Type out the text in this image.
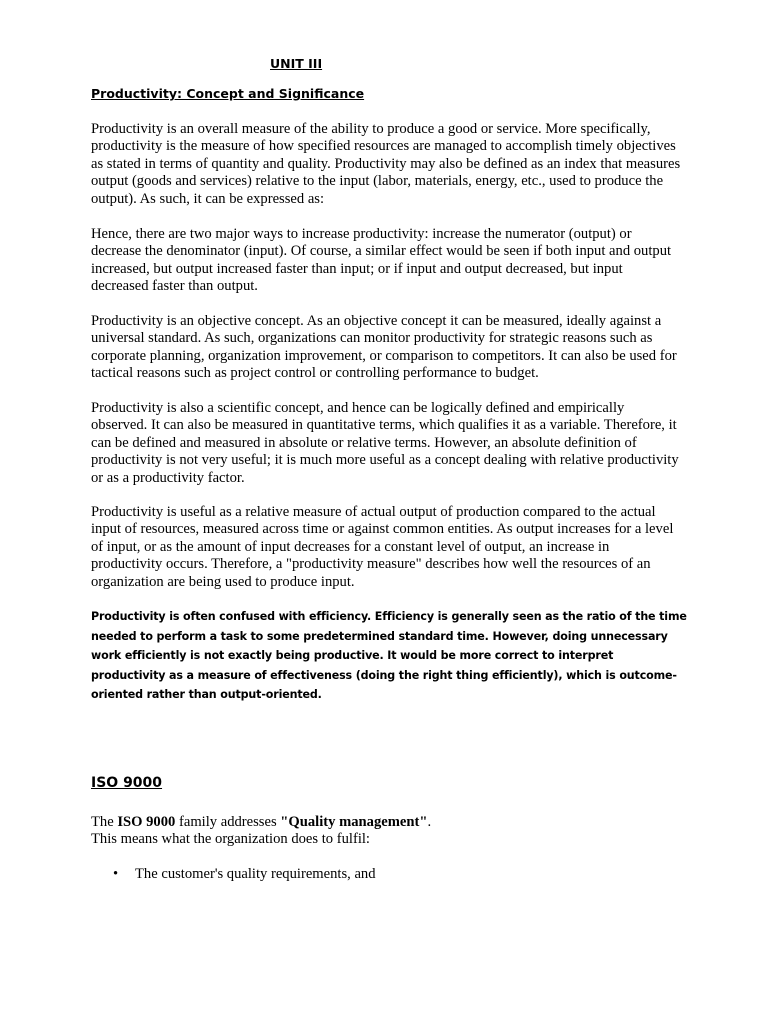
UNIT III

Productivity: Concept and Significance

Productivity is an overall measure of the ability to produce a good or service. More specifically, productivity is the measure of how specified resources are managed to accomplish timely objectives as stated in terms of quantity and quality. Productivity may also be defined as an index that measures output (goods and services) relative to the input (labor, materials, energy, etc., used to produce the output). As such, it can be expressed as:

Hence, there are two major ways to increase productivity: increase the numerator (output) or decrease the denominator (input). Of course, a similar effect would be seen if both input and output increased, but output increased faster than input; or if input and output decreased, but input decreased faster than output.

Productivity is an objective concept. As an objective concept it can be measured, ideally against a universal standard. As such, organizations can monitor productivity for strategic reasons such as corporate planning, organization improvement, or comparison to competitors. It can also be used for tactical reasons such as project control or controlling performance to budget.

Productivity is also a scientific concept, and hence can be logically defined and empirically observed. It can also be measured in quantitative terms, which qualifies it as a variable. Therefore, it can be defined and measured in absolute or relative terms. However, an absolute definition of productivity is not very useful; it is much more useful as a concept dealing with relative productivity or as a productivity factor.

Productivity is useful as a relative measure of actual output of production compared to the actual input of resources, measured across time or against common entities. As output increases for a level of input, or as the amount of input decreases for a constant level of output, an increase in productivity occurs. Therefore, a "productivity measure" describes how well the resources of an organization are being used to produce input.

Productivity is often confused with efficiency. Efficiency is generally seen as the ratio of the time needed to perform a task to some predetermined standard time. However, doing unnecessary work efficiently is not exactly being productive. It would be more correct to interpret productivity as a measure of effectiveness (doing the right thing efficiently), which is outcome-oriented rather than output-oriented.

ISO 9000

The ISO 9000 family addresses "Quality management".
This means what the organization does to fulfil:

• The customer's quality requirements, and
